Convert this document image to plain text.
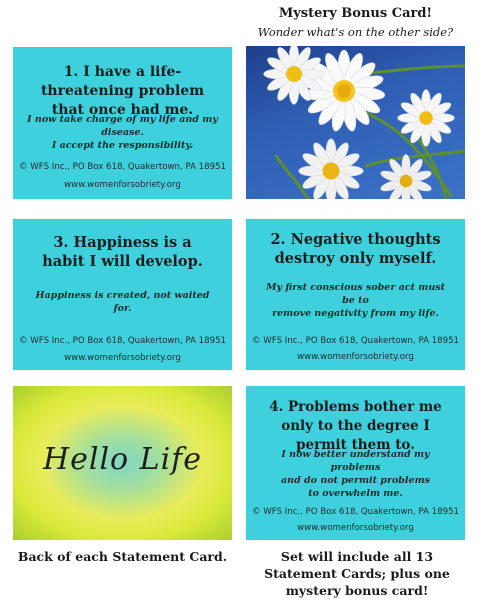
Mystery Bonus Card!
Wonder what's on the other side?
1. I have a life-threatening problem that once had me.
I now take charge of my life and my disease.
I accept the responsibility.
© WFS Inc., PO Box 618, Quakertown, PA 18951
www.womenforsobriety.org
3. Happiness is a habit I will develop.
Happiness is created, not waited for.
© WFS Inc., PO Box 618, Quakertown, PA 18951
www.womenforsobriety.org
2. Negative thoughts destroy only myself.
My first conscious sober act must be to
remove negativity from my life.
© WFS Inc., PO Box 618, Quakertown, PA 18951
www.womenforsobriety.org
Hello Life
4. Problems bother me only to the degree I permit them to.
I now better understand my problems
and do not permit problems
to overwhelm me.
© WFS Inc., PO Box 618, Quakertown, PA 18951
www.womenforsobriety.org
Back of each Statement Card.	Set will include all 13 Statement Cards; plus one mystery bonus card!
